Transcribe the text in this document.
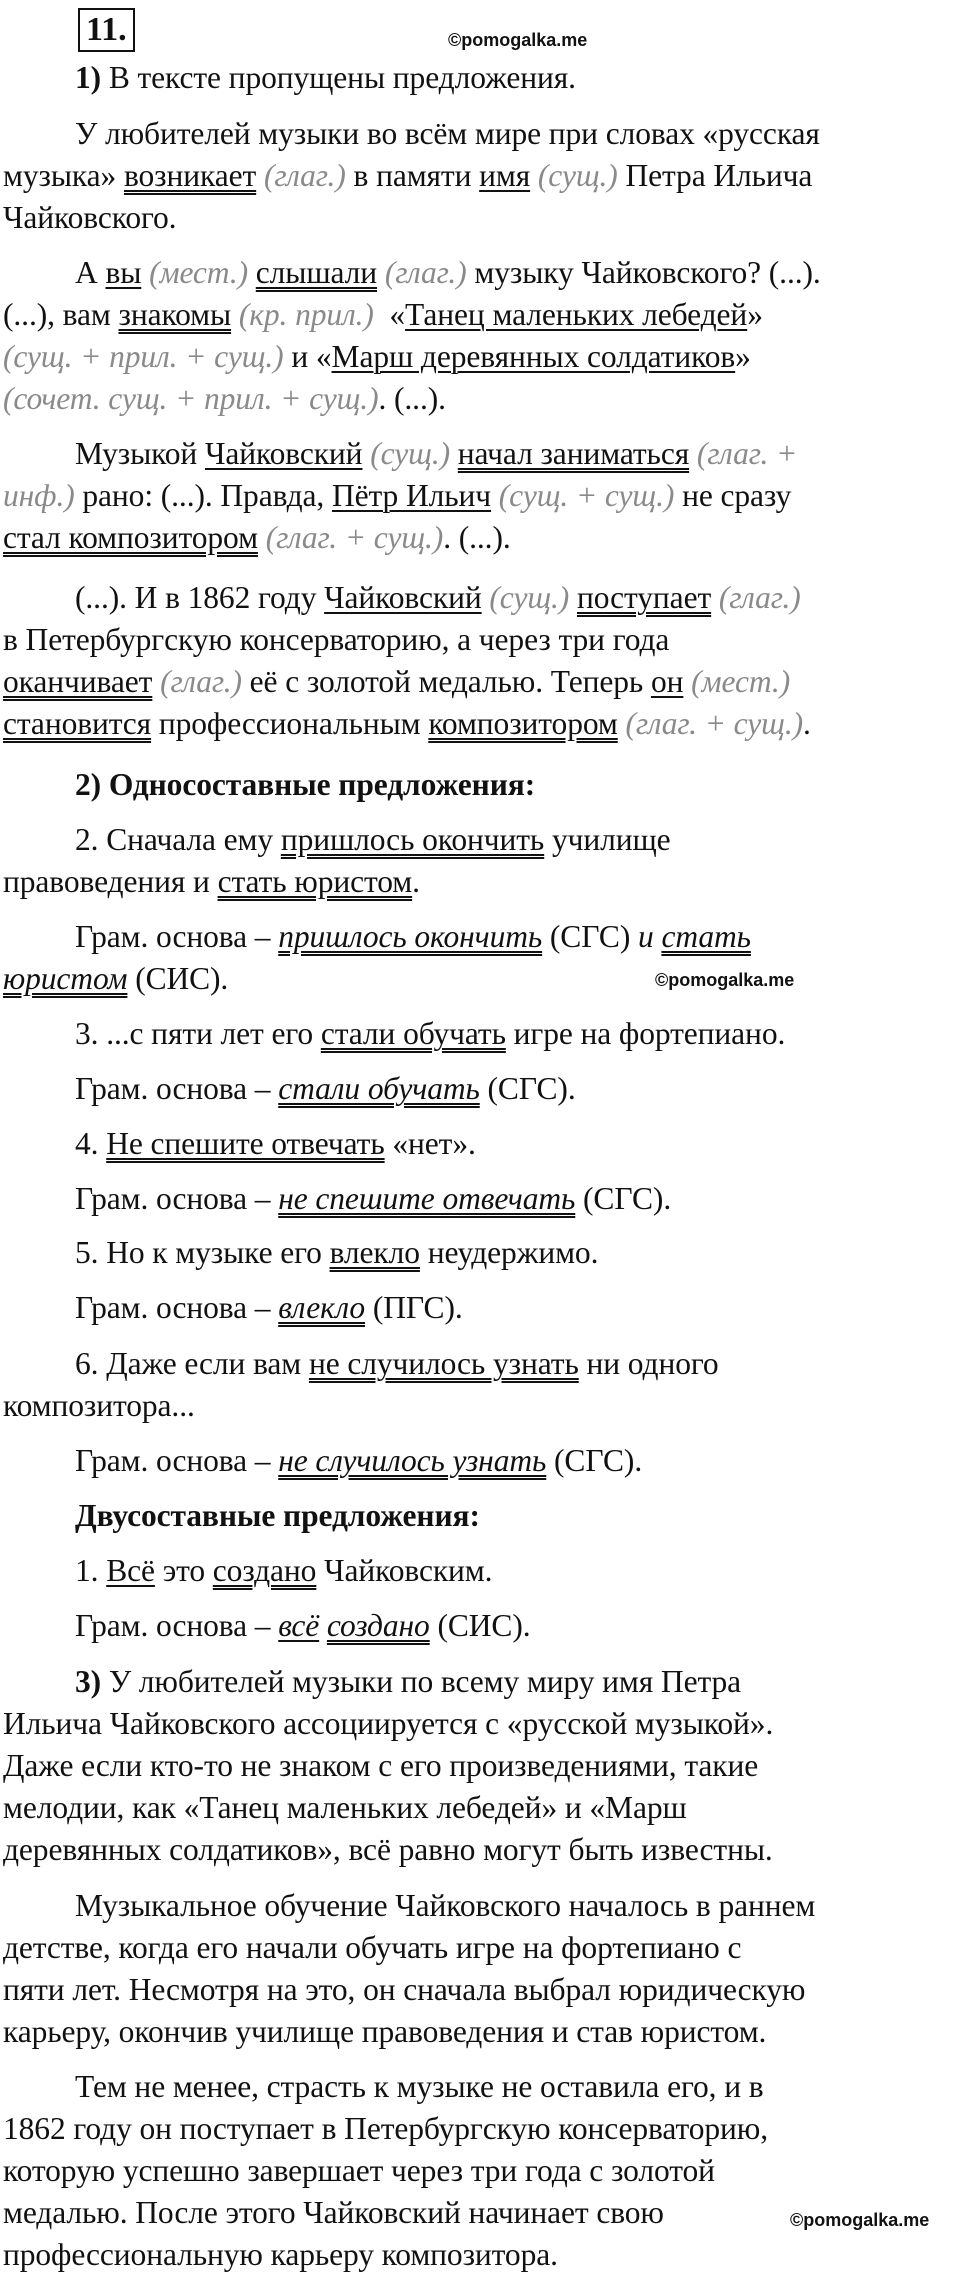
11.	©pomogalka.me
1) В тексте пропущены предложения.
У любителей музыки во всём мире при словах «русская
музыка» возникает (глаг.) в памяти имя (сущ.) Петра Ильича
Чайковского.
А вы (мест.) слышали (глаг.) музыку Чайковского? (...).
(...), вам знакомы (кр. прил.) «Танец маленьких лебедей»
(сущ. + прил. + сущ.) и «Марш деревянных солдатиков»
(сочет. сущ. + прил. + сущ.). (...).
Музыкой Чайковский (сущ.) начал заниматься (глаг. +
инф.) рано: (...). Правда, Пётр Ильич (сущ. + сущ.) не сразу
стал композитором (глаг. + сущ.). (...).
(...). И в 1862 году Чайковский (сущ.) поступает (глаг.)
в Петербургскую консерваторию, а через три года
оканчивает (глаг.) её с золотой медалью. Теперь он (мест.)
становится профессиональным композитором (глаг. + сущ.).
2) Односоставные предложения:
2. Сначала ему пришлось окончить училище
правоведения и стать юристом.
Грам. основа – пришлось окончить (СГС) и стать
юристом (СИС).	©pomogalka.me
3. ...с пяти лет его стали обучать игре на фортепиано.
Грам. основа – стали обучать (СГС).
4. Не спешите отвечать «нет».
Грам. основа – не спешите отвечать (СГС).
5. Но к музыке его влекло неудержимо.
Грам. основа – влекло (ПГС).
6. Даже если вам не случилось узнать ни одного
композитора...
Грам. основа – не случилось узнать (СГС).
Двусоставные предложения:
1. Всё это создано Чайковским.
Грам. основа – всё создано (СИС).
3) У любителей музыки по всему миру имя Петра
Ильича Чайковского ассоциируется с «русской музыкой».
Даже если кто-то не знаком с его произведениями, такие
мелодии, как «Танец маленьких лебедей» и «Марш
деревянных солдатиков», всё равно могут быть известны.
Музыкальное обучение Чайковского началось в раннем
детстве, когда его начали обучать игре на фортепиано с
пяти лет. Несмотря на это, он сначала выбрал юридическую
карьеру, окончив училище правоведения и став юристом.
Тем не менее, страсть к музыке не оставила его, и в
1862 году он поступает в Петербургскую консерваторию,
которую успешно завершает через три года с золотой
медалью. После этого Чайковский начинает свою
профессиональную карьеру композитора.
©pomogalka.me
